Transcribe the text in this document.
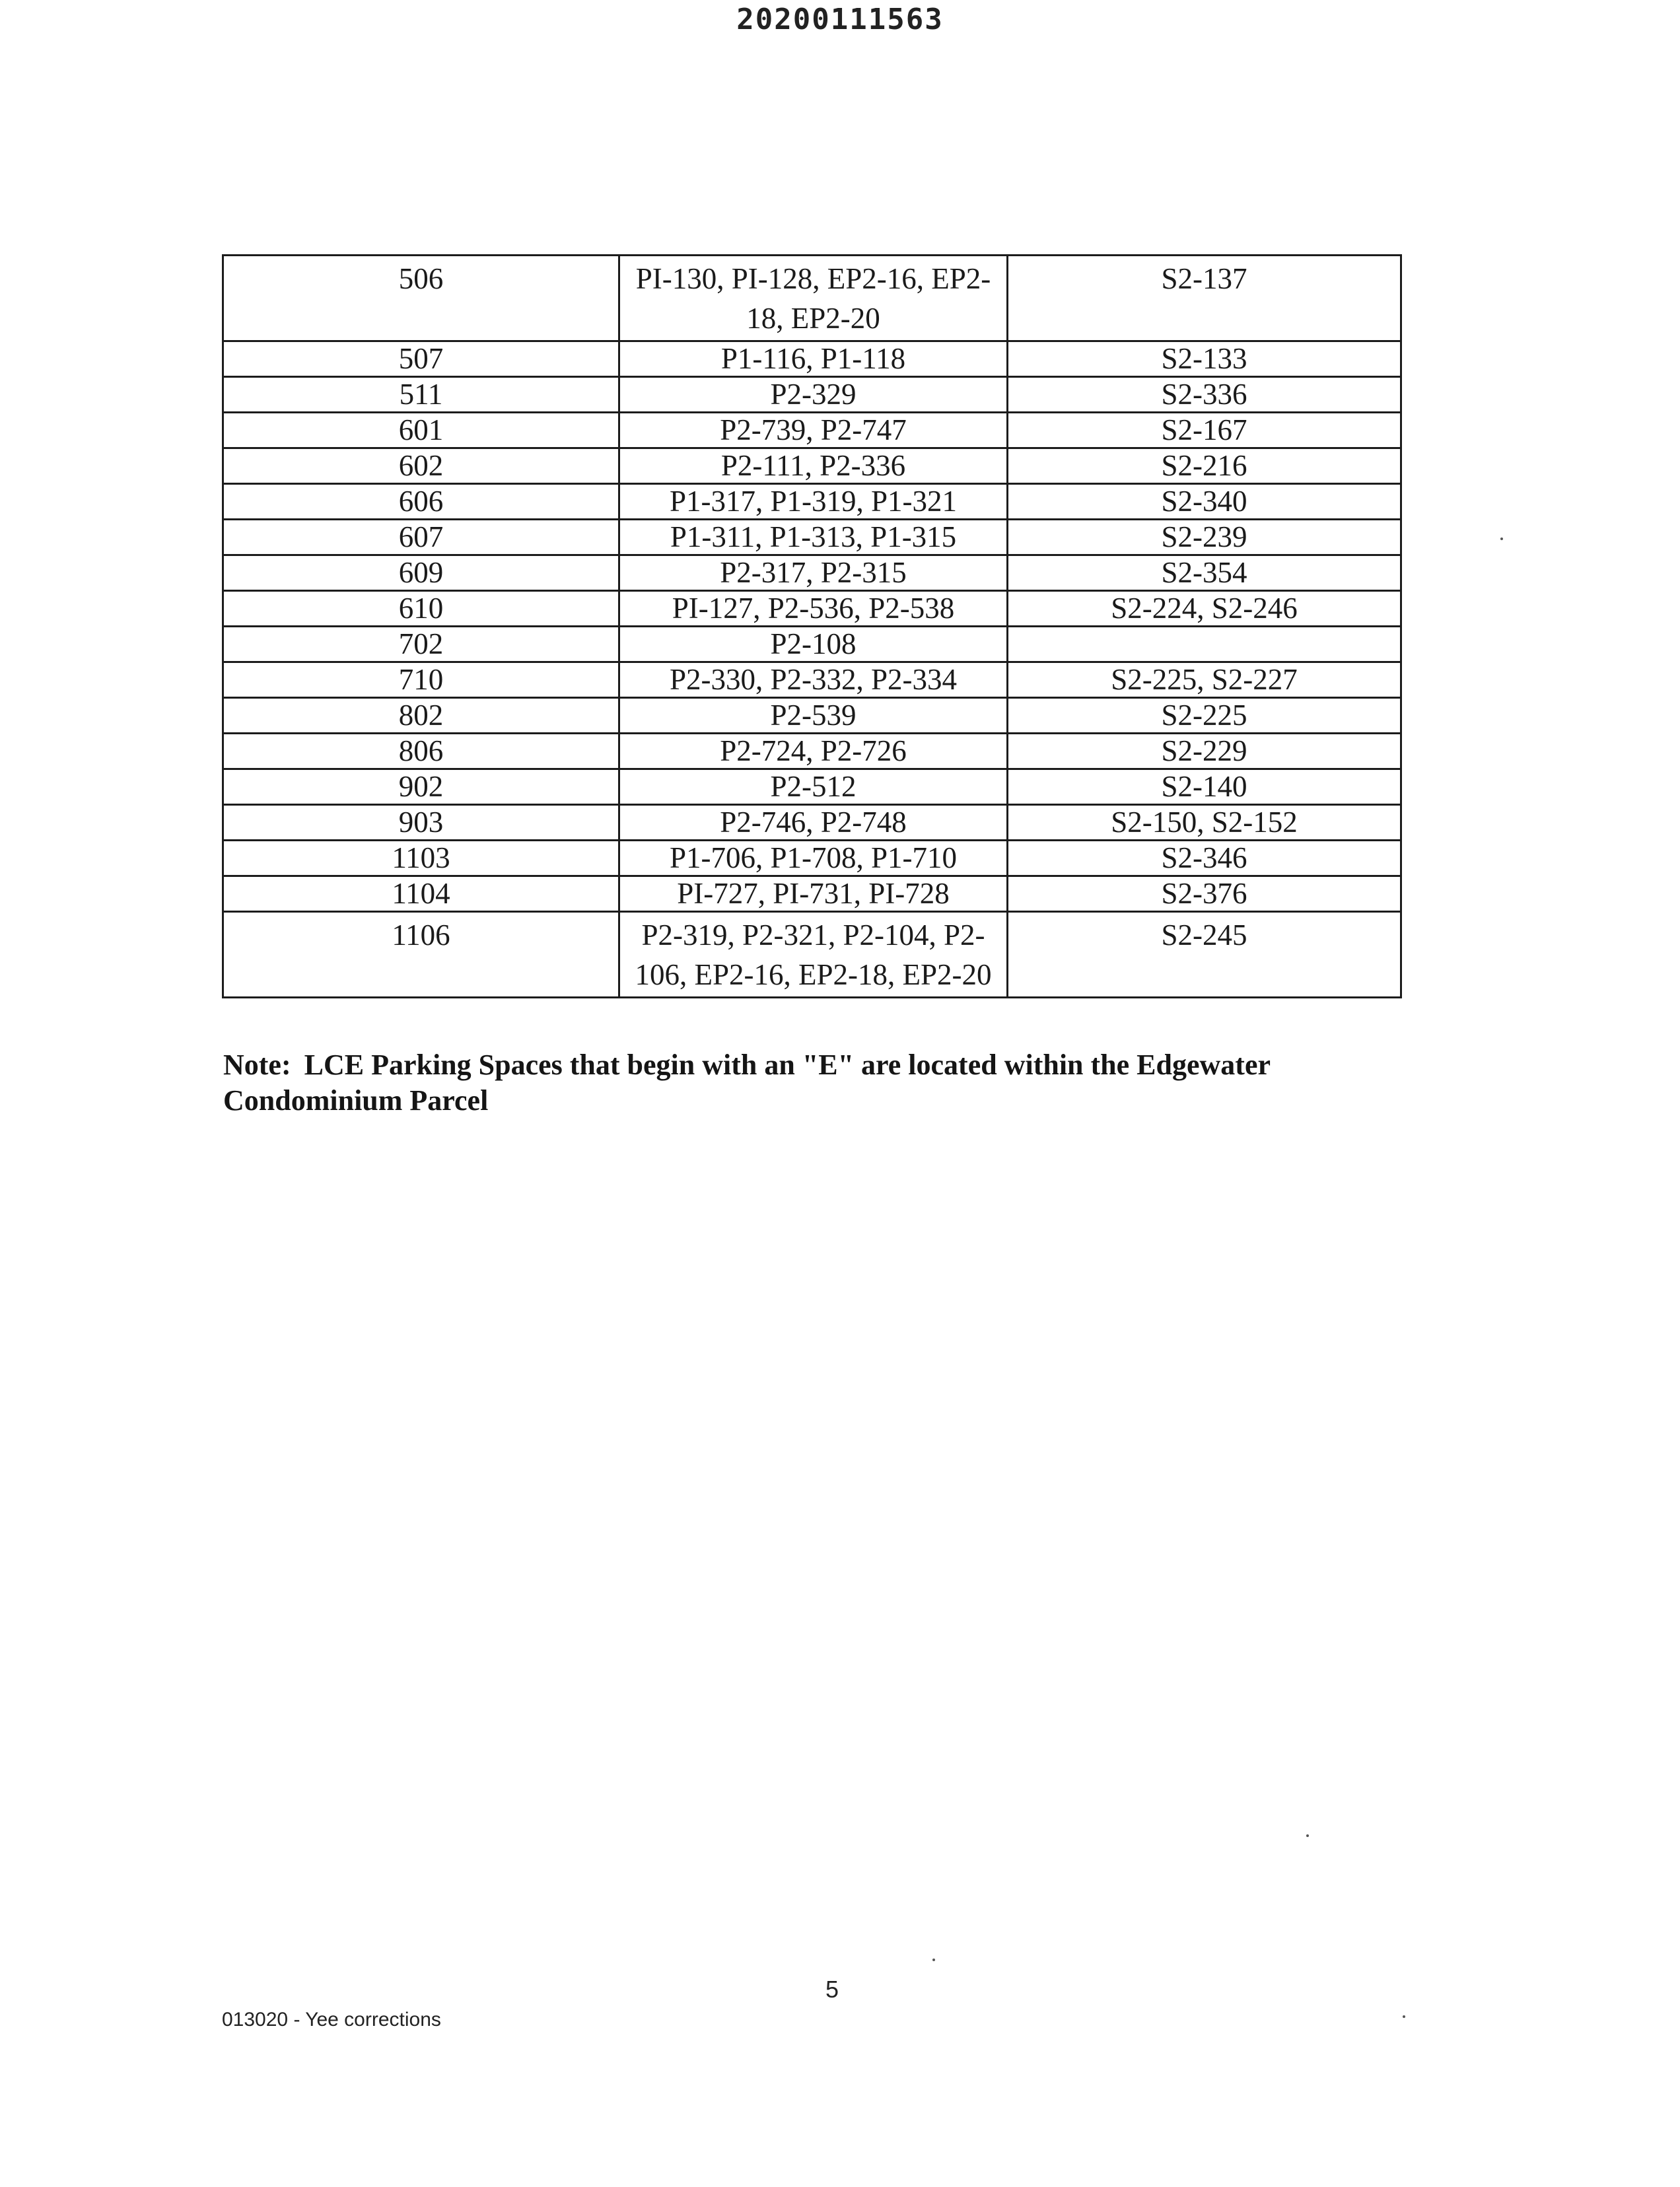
20200111563
506	PI-130, PI-128, EP2-16, EP2-18, EP2-20	S2-137
507	P1-116, P1-118	S2-133
511	P2-329	S2-336
601	P2-739, P2-747	S2-167
602	P2-111, P2-336	S2-216
606	P1-317, P1-319, P1-321	S2-340
607	P1-311, P1-313, P1-315	S2-239
609	P2-317, P2-315	S2-354
610	PI-127, P2-536, P2-538	S2-224, S2-246
702	P2-108	
710	P2-330, P2-332, P2-334	S2-225, S2-227
802	P2-539	S2-225
806	P2-724, P2-726	S2-229
902	P2-512	S2-140
903	P2-746, P2-748	S2-150, S2-152
1103	P1-706, P1-708, P1-710	S2-346
1104	PI-727, PI-731, PI-728	S2-376
1106	P2-319, P2-321, P2-104, P2-106, EP2-16, EP2-18, EP2-20	S2-245
Note: LCE Parking Spaces that begin with an "E" are located within the Edgewater Condominium Parcel
5
013020 - Yee corrections
